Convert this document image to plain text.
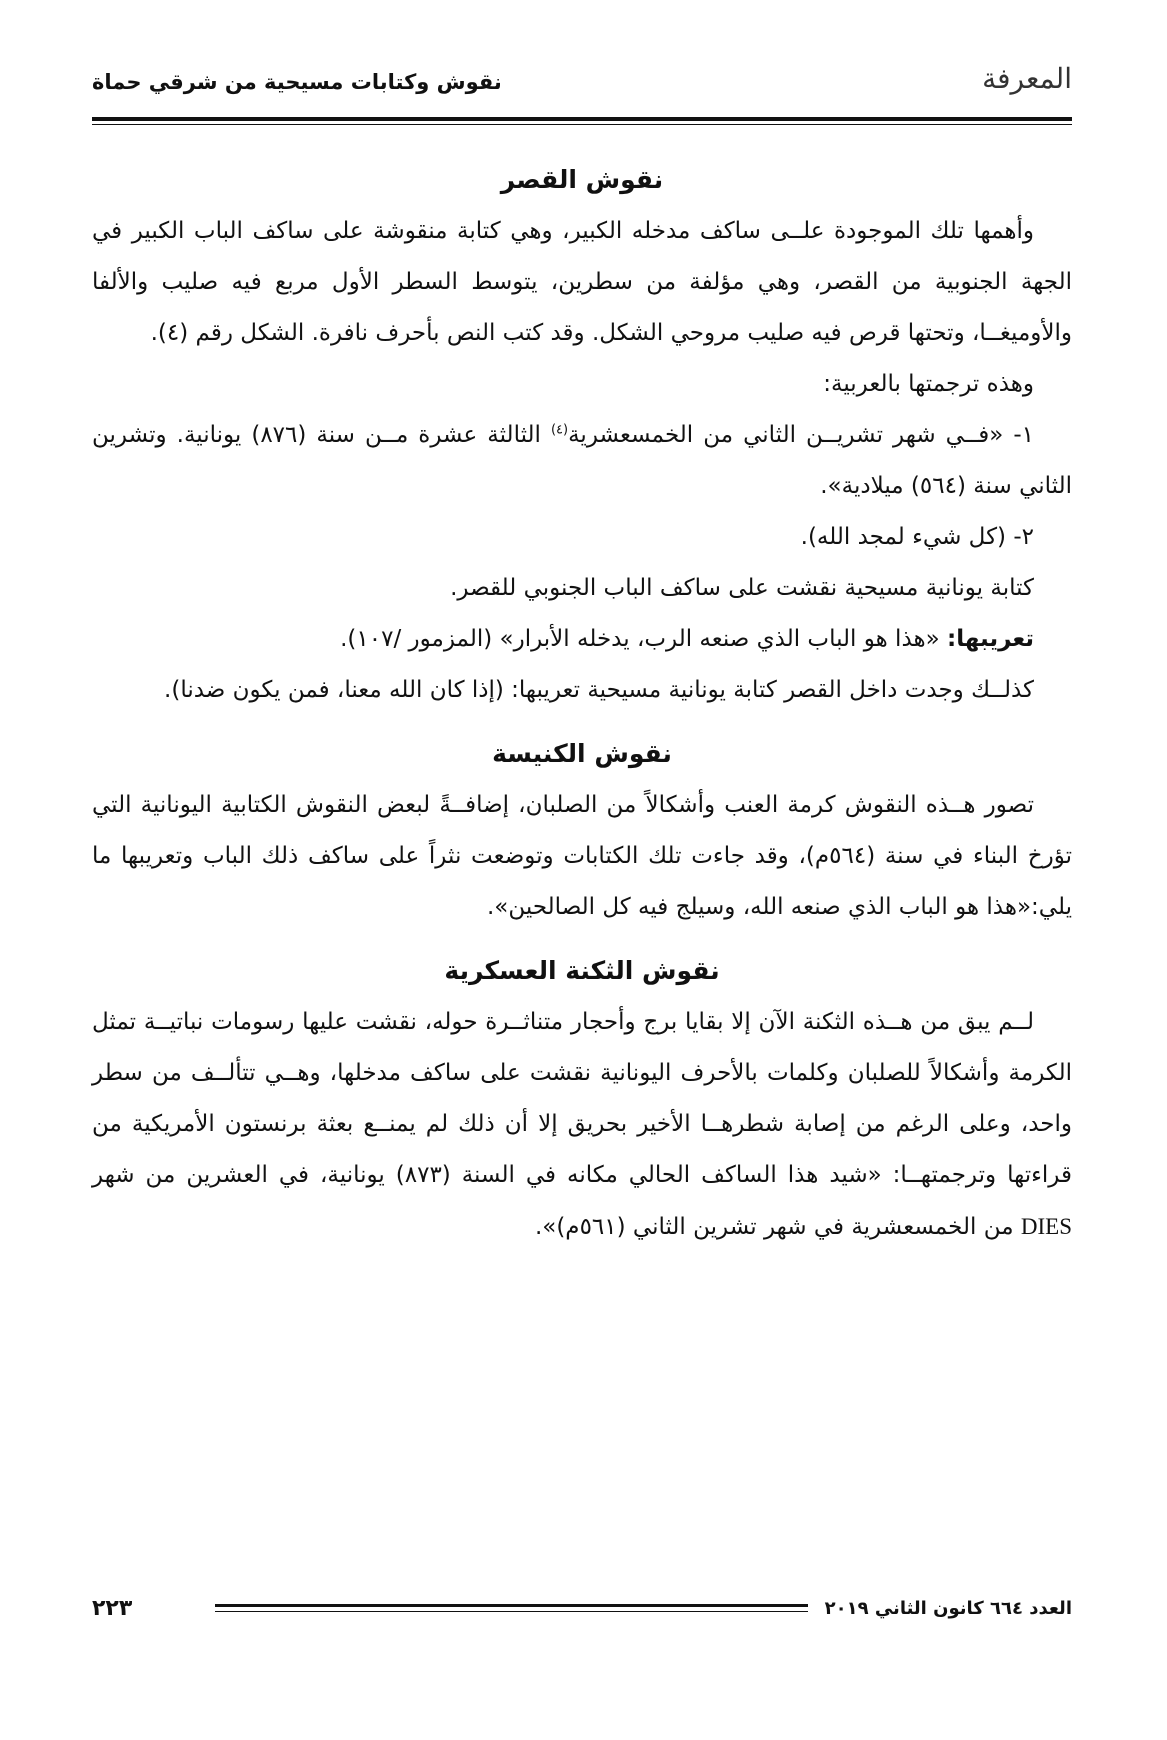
المعرفة
نقوش وكتابات مسيحية من شرقي حماة
نقوش القصر

وأهمها تلك الموجودة علــى ساكف مدخله الكبير، وهي كتابة منقوشة على ساكف الباب الكبير في الجهة الجنوبية من القصر، وهي مؤلفة من سطرين، يتوسط السطر الأول مربع فيه صليب والألفا والأوميغــا، وتحتها قرص فيه صليب مروحي الشكل. وقد كتب النص بأحرف نافرة. الشكل رقم (٤).

وهذه ترجمتها بالعربية:

١- «فــي شهر تشريــن الثاني من الخمسعشرية$^{(٤)}$ الثالثة عشرة مــن سنة (٨٧٦) يونانية. وتشرين الثاني سنة (٥٦٤) ميلادية».

٢- (كل شيء لمجد الله).

كتابة يونانية مسيحية نقشت على ساكف الباب الجنوبي للقصر.

تعريبها: «هذا هو الباب الذي صنعه الرب، يدخله الأبرار» (المزمور /١٠٧).

كذلــك وجدت داخل القصر كتابة يونانية مسيحية تعريبها: (إذا كان الله معنا، فمن يكون ضدنا).

نقوش الكنيسة

تصور هــذه النقوش كرمة العنب وأشكالاً من الصلبان، إضافــةً لبعض النقوش الكتابية اليونانية التي تؤرخ البناء في سنة (٥٦٤م)، وقد جاءت تلك الكتابات وتوضعت نثراً على ساكف ذلك الباب وتعريبها ما يلي:«هذا هو الباب الذي صنعه الله، وسيلج فيه كل الصالحين».

نقوش الثكنة العسكرية

لــم يبق من هــذه الثكنة الآن إلا بقايا برج وأحجار متناثــرة حوله، نقشت عليها رسومات نباتيــة تمثل الكرمة وأشكالاً للصلبان وكلمات بالأحرف اليونانية نقشت على ساكف مدخلها، وهــي تتألــف من سطر واحد، وعلى الرغم من إصابة شطرهــا الأخير بحريق إلا أن ذلك لم يمنــع بعثة برنستون الأمريكية من قراءتها وترجمتهــا: «شيد هذا الساكف الحالي مكانه في السنة (٨٧٣) يونانية، في العشرين من شهر DIES من الخمسعشرية في شهر تشرين الثاني (٥٦١م)».

العدد ٦٦٤ كانون الثاني ٢٠١٩
٢٢٣
